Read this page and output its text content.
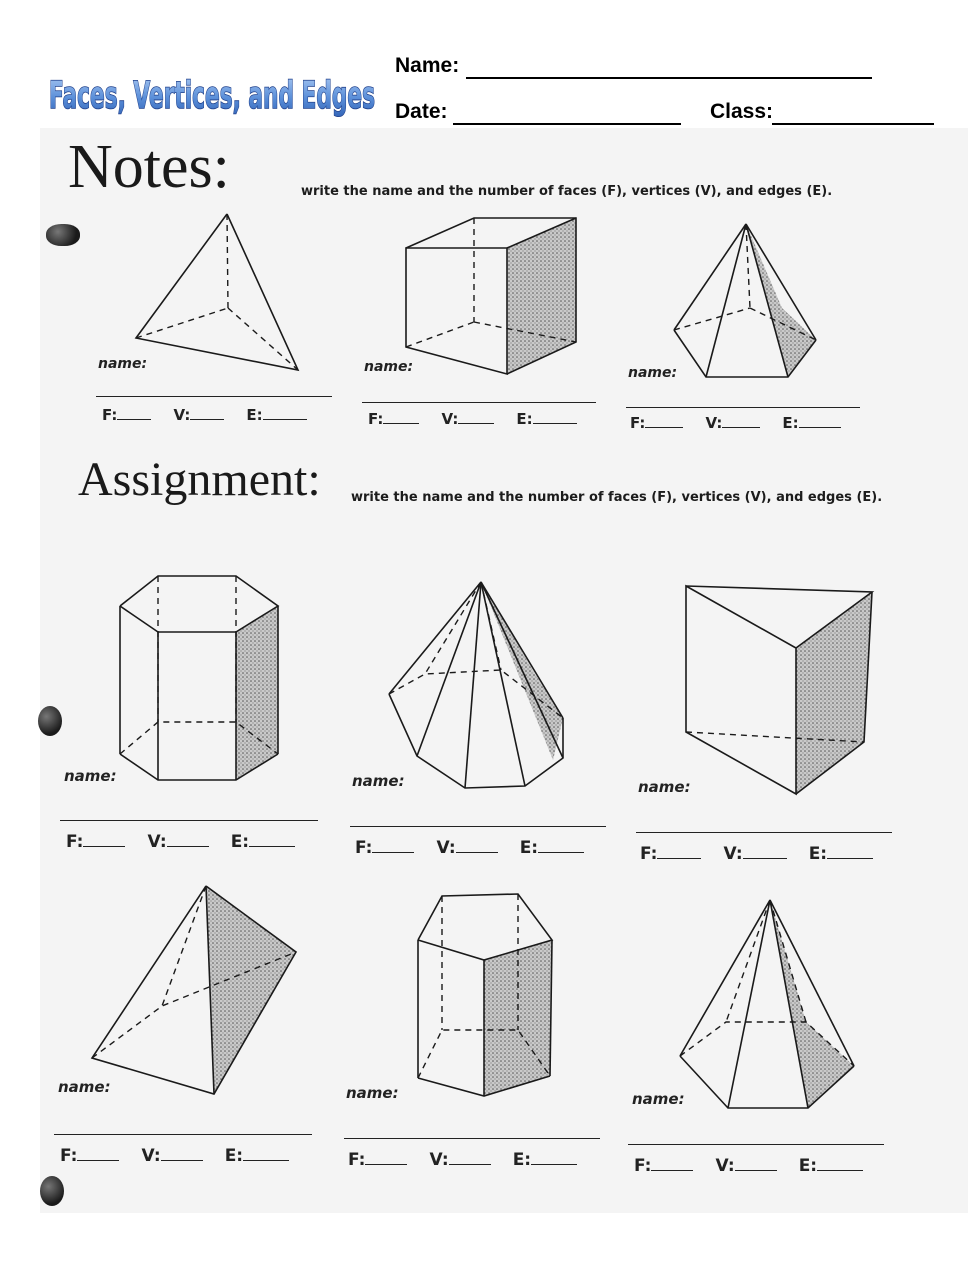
Faces, Vertices, and Edges
Name:
Date:	Class:
Notes:	write the name and the number of faces (F), vertices (V), and edges (E).
name:
F:	V:	E:
name:
F:	V:	E:
name:
F:	V:	E:
Assignment: write the name and the number of faces (F), vertices (V), and edges (E).
name:
F:	V:	E:
name:
F:	V:	E:
name:
F:	V:	E:
name:
F:	V:	E:
name:
F:	V:	E:
name:
F:	V:	E:
